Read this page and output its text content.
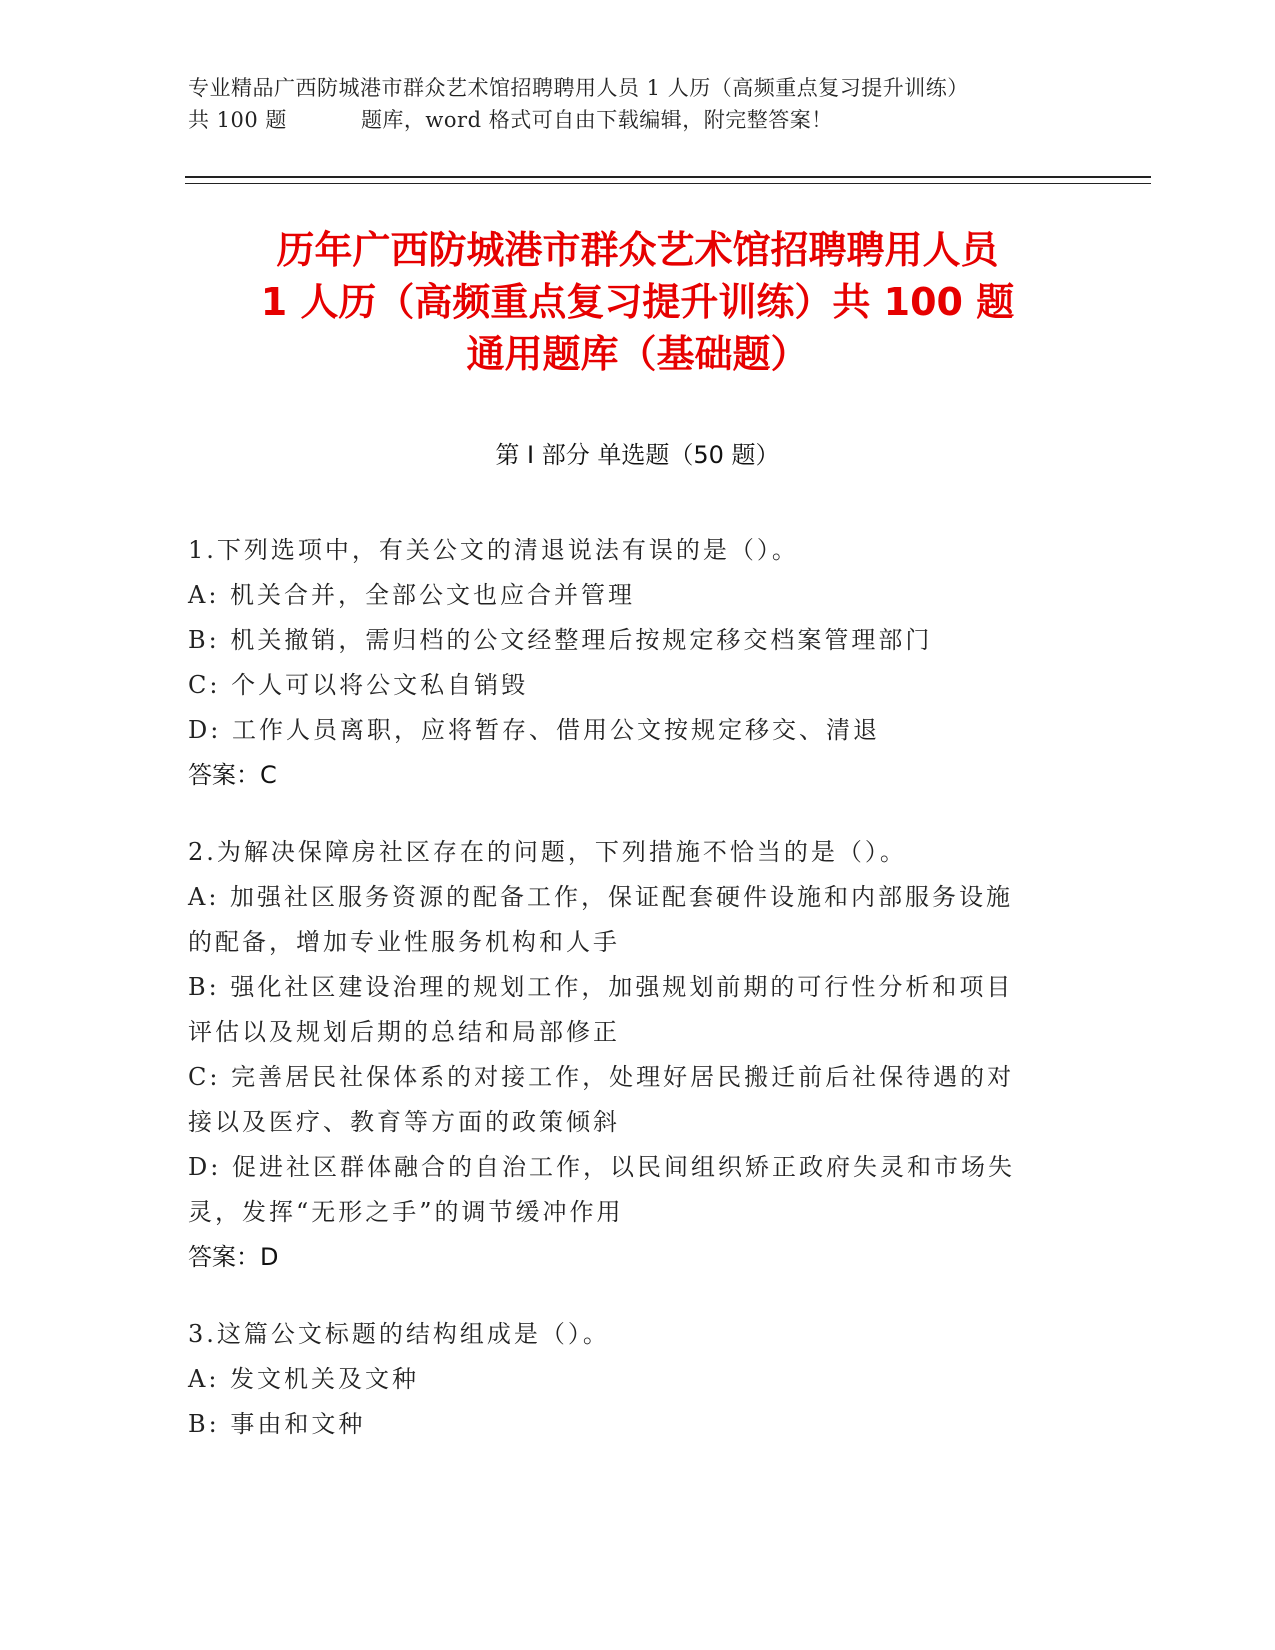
专业精品广西防城港市群众艺术馆招聘聘用人员 1 人历（高频重点复习提升训练）
共 100 题	题库，word 格式可自由下载编辑，附完整答案！
历年广西防城港市群众艺术馆招聘聘用人员
1 人历（高频重点复习提升训练）共 100 题
通用题库（基础题）
第 I 部分 单选题（50 题）
1.下列选项中，有关公文的清退说法有误的是（）。
A: 机关合并，全部公文也应合并管理
B: 机关撤销，需归档的公文经整理后按规定移交档案管理部门
C: 个人可以将公文私自销毁
D: 工作人员离职，应将暂存、借用公文按规定移交、清退
答案：C
2.为解决保障房社区存在的问题，下列措施不恰当的是（）。
A: 加强社区服务资源的配备工作，保证配套硬件设施和内部服务设施
的配备，增加专业性服务机构和人手
B: 强化社区建设治理的规划工作，加强规划前期的可行性分析和项目
评估以及规划后期的总结和局部修正
C: 完善居民社保体系的对接工作，处理好居民搬迁前后社保待遇的对
接以及医疗、教育等方面的政策倾斜
D: 促进社区群体融合的自治工作，以民间组织矫正政府失灵和市场失
灵，发挥“无形之手”的调节缓冲作用
答案：D
3.这篇公文标题的结构组成是（）。
A: 发文机关及文种
B: 事由和文种
